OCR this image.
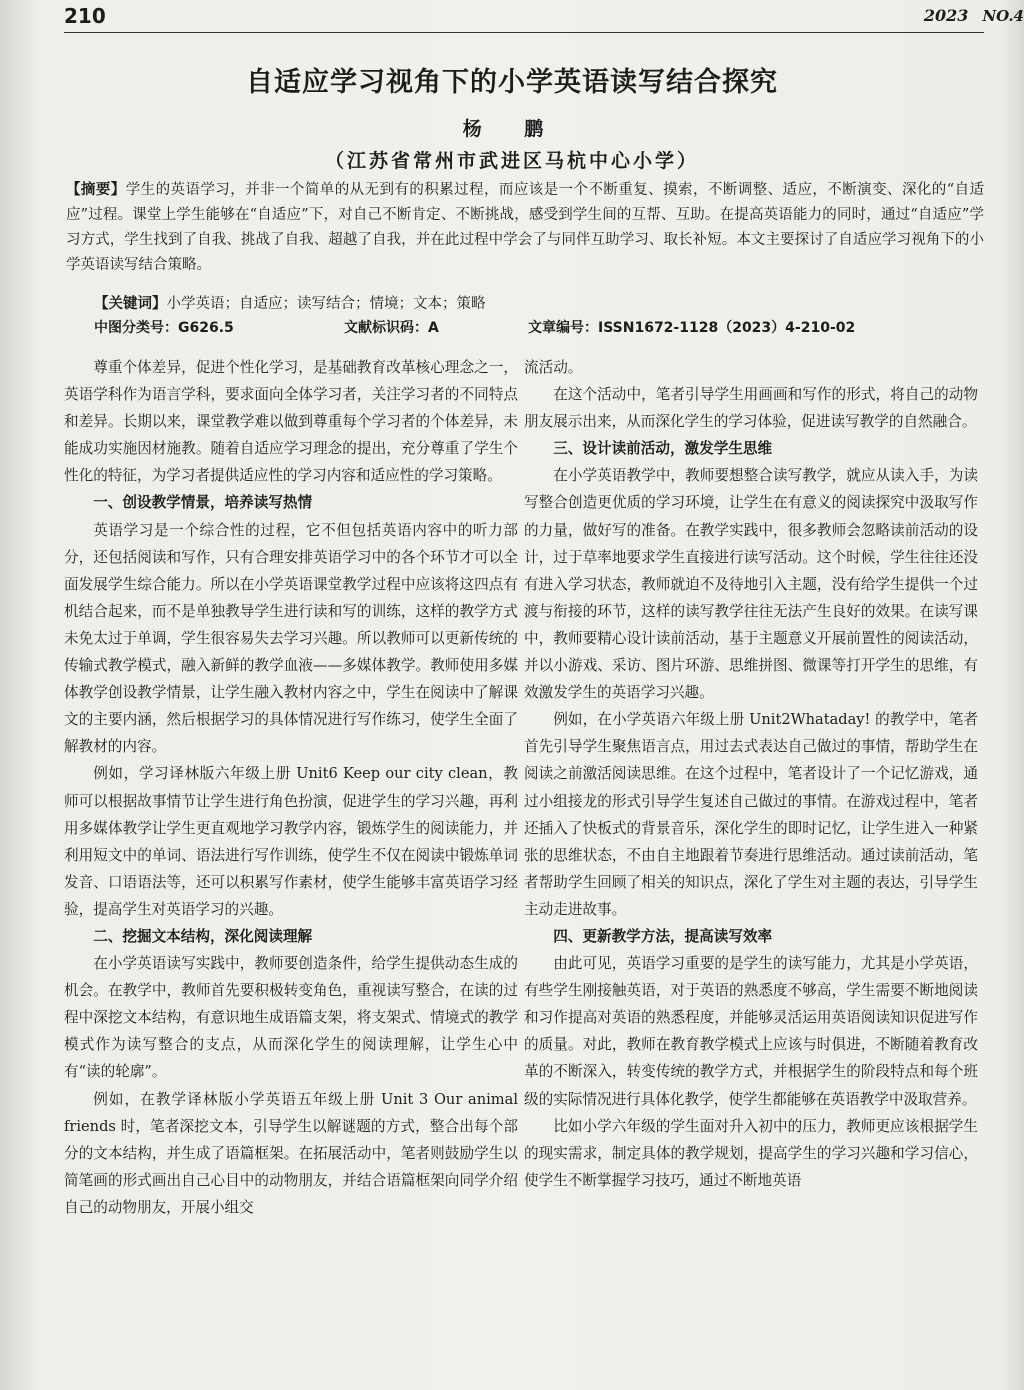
210	2023 NO.4
自适应学习视角下的小学英语读写结合探究
杨 鹏
（江苏省常州市武进区马杭中心小学）
【摘要】学生的英语学习，并非一个简单的从无到有的积累过程，而应该是一个不断重复、摸索，不断调整、适应，不断演变、深化的“自适应”过程。课堂上学生能够在“自适应”下，对自己不断肯定、不断挑战，感受到学生间的互帮、互助。在提高英语能力的同时，通过“自适应”学习方式，学生找到了自我、挑战了自我、超越了自我，并在此过程中学会了与同伴互助学习、取长补短。本文主要探讨了自适应学习视角下的小学英语读写结合策略。
【关键词】小学英语；自适应；读写结合；情境；文本；策略
中图分类号：G626.5	文献标识码：A	文章编号：ISSN1672-1128（2023）4-210-02

尊重个体差异，促进个性化学习，是基础教育改革核心理念之一，英语学科作为语言学科，要求面向全体学习者，关注学习者的不同特点和差异。长期以来，课堂教学难以做到尊重每个学习者的个体差异，未能成功实施因材施教。随着自适应学习理念的提出，充分尊重了学生个性化的特征，为学习者提供适应性的学习内容和适应性的学习策略。

一、创设教学情景，培养读写热情

英语学习是一个综合性的过程，它不但包括英语内容中的听力部分，还包括阅读和写作，只有合理安排英语学习中的各个环节才可以全面发展学生综合能力。所以在小学英语课堂教学过程中应该将这四点有机结合起来，而不是单独教导学生进行读和写的训练，这样的教学方式未免太过于单调，学生很容易失去学习兴趣。所以教师可以更新传统的传输式教学模式，融入新鲜的教学血液——多媒体教学。教师使用多媒体教学创设教学情景，让学生融入教材内容之中，学生在阅读中了解课文的主要内涵，然后根据学习的具体情况进行写作练习，使学生全面了解教材的内容。

例如，学习译林版六年级上册 Unit6 Keep our city clean，教师可以根据故事情节让学生进行角色扮演，促进学生的学习兴趣，再利用多媒体教学让学生更直观地学习教学内容，锻炼学生的阅读能力，并利用短文中的单词、语法进行写作训练，使学生不仅在阅读中锻炼单词发音、口语语法等，还可以积累写作素材，使学生能够丰富英语学习经验，提高学生对英语学习的兴趣。

二、挖掘文本结构，深化阅读理解

在小学英语读写实践中，教师要创造条件，给学生提供动态生成的机会。在教学中，教师首先要积极转变角色，重视读写整合，在读的过程中深挖文本结构，有意识地生成语篇支架，将支架式、情境式的教学模式作为读写整合的支点，从而深化学生的阅读理解，让学生心中有“读的轮廓”。

例如，在教学译林版小学英语五年级上册 Unit 3 Our animal friends 时，笔者深挖文本，引导学生以解谜题的方式，整合出每个部分的文本结构，并生成了语篇框架。在拓展活动中，笔者则鼓励学生以简笔画的形式画出自己心目中的动物朋友，并结合语篇框架向同学介绍自己的动物朋友，开展小组交

流活动。

在这个活动中，笔者引导学生用画画和写作的形式，将自己的动物朋友展示出来，从而深化学生的学习体验，促进读写教学的自然融合。

三、设计读前活动，激发学生思维

在小学英语教学中，教师要想整合读写教学，就应从读入手，为读写整合创造更优质的学习环境，让学生在有意义的阅读探究中汲取写作的力量，做好写的准备。在教学实践中，很多教师会忽略读前活动的设计，过于草率地要求学生直接进行读写活动。这个时候，学生往往还没有进入学习状态，教师就迫不及待地引入主题，没有给学生提供一个过渡与衔接的环节，这样的读写教学往往无法产生良好的效果。在读写课中，教师要精心设计读前活动，基于主题意义开展前置性的阅读活动，并以小游戏、采访、图片环游、思维拼图、微课等打开学生的思维，有效激发学生的英语学习兴趣。

例如，在小学英语六年级上册 Unit2Whataday! 的教学中，笔者首先引导学生聚焦语言点，用过去式表达自己做过的事情，帮助学生在阅读之前激活阅读思维。在这个过程中，笔者设计了一个记忆游戏，通过小组接龙的形式引导学生复述自己做过的事情。在游戏过程中，笔者还插入了快板式的背景音乐，深化学生的即时记忆，让学生进入一种紧张的思维状态，不由自主地跟着节奏进行思维活动。通过读前活动，笔者帮助学生回顾了相关的知识点，深化了学生对主题的表达，引导学生主动走进故事。

四、更新教学方法，提高读写效率

由此可见，英语学习重要的是学生的读写能力，尤其是小学英语，有些学生刚接触英语，对于英语的熟悉度不够高，学生需要不断地阅读和习作提高对英语的熟悉程度，并能够灵活运用英语阅读知识促进写作的质量。对此，教师在教育教学模式上应该与时俱进，不断随着教育改革的不断深入，转变传统的教学方式，并根据学生的阶段特点和每个班级的实际情况进行具体化教学，使学生都能够在英语教学中汲取营养。

比如小学六年级的学生面对升入初中的压力，教师更应该根据学生的现实需求，制定具体的教学规划，提高学生的学习兴趣和学习信心，使学生不断掌握学习技巧，通过不断地英语
